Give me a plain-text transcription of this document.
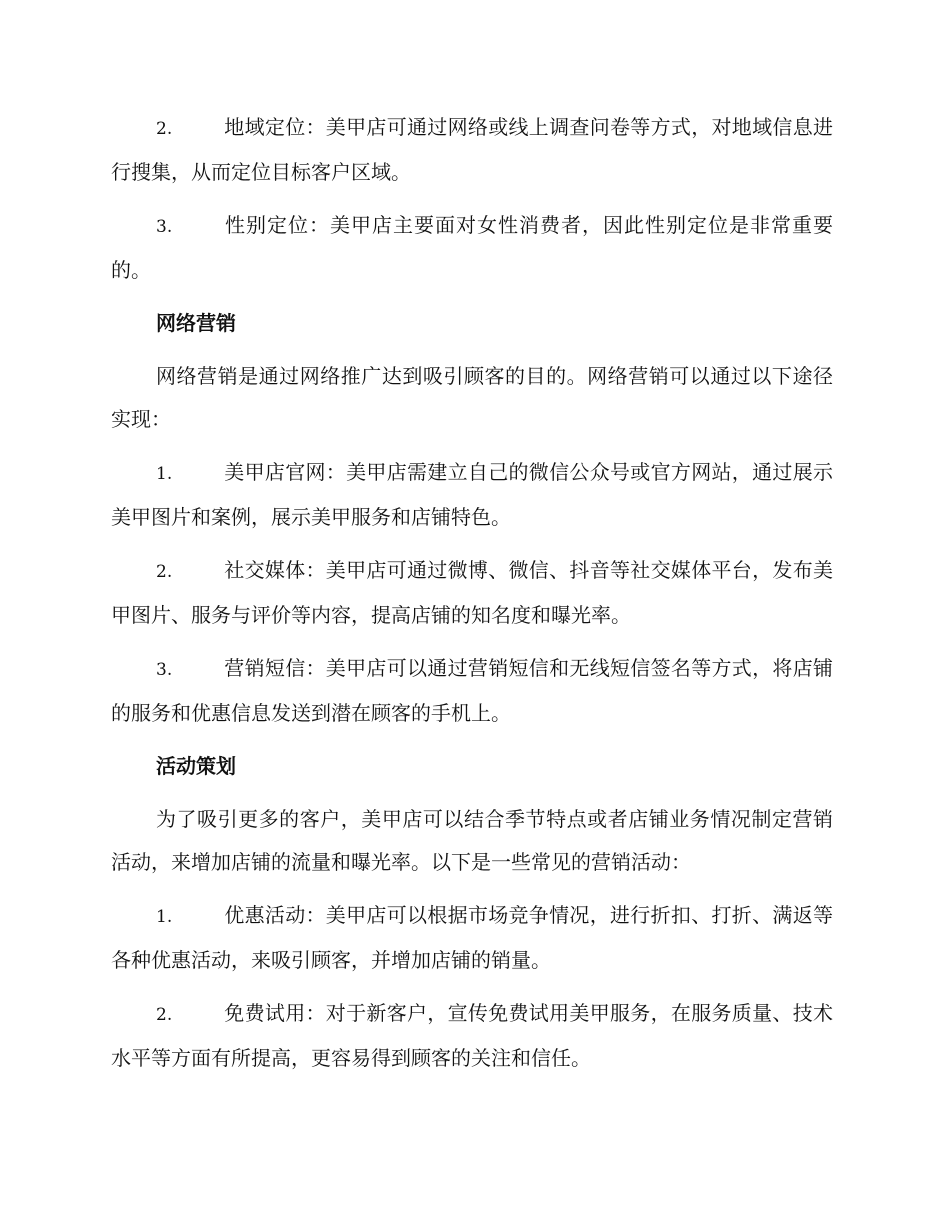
2.	地域定位：美甲店可通过网络或线上调查问卷等方式，对地域信息进行搜集，从而定位目标客户区域。

3.	性别定位：美甲店主要面对女性消费者，因此性别定位是非常重要的。

网络营销

网络营销是通过网络推广达到吸引顾客的目的。网络营销可以通过以下途径实现：

1.	美甲店官网：美甲店需建立自己的微信公众号或官方网站，通过展示美甲图片和案例，展示美甲服务和店铺特色。

2.	社交媒体：美甲店可通过微博、微信、抖音等社交媒体平台，发布美甲图片、服务与评价等内容，提高店铺的知名度和曝光率。

3.	营销短信：美甲店可以通过营销短信和无线短信签名等方式，将店铺的服务和优惠信息发送到潜在顾客的手机上。

活动策划

为了吸引更多的客户，美甲店可以结合季节特点或者店铺业务情况制定营销活动，来增加店铺的流量和曝光率。以下是一些常见的营销活动：

1.	优惠活动：美甲店可以根据市场竞争情况，进行折扣、打折、满返等各种优惠活动，来吸引顾客，并增加店铺的销量。

2.	免费试用：对于新客户，宣传免费试用美甲服务，在服务质量、技术水平等方面有所提高，更容易得到顾客的关注和信任。
